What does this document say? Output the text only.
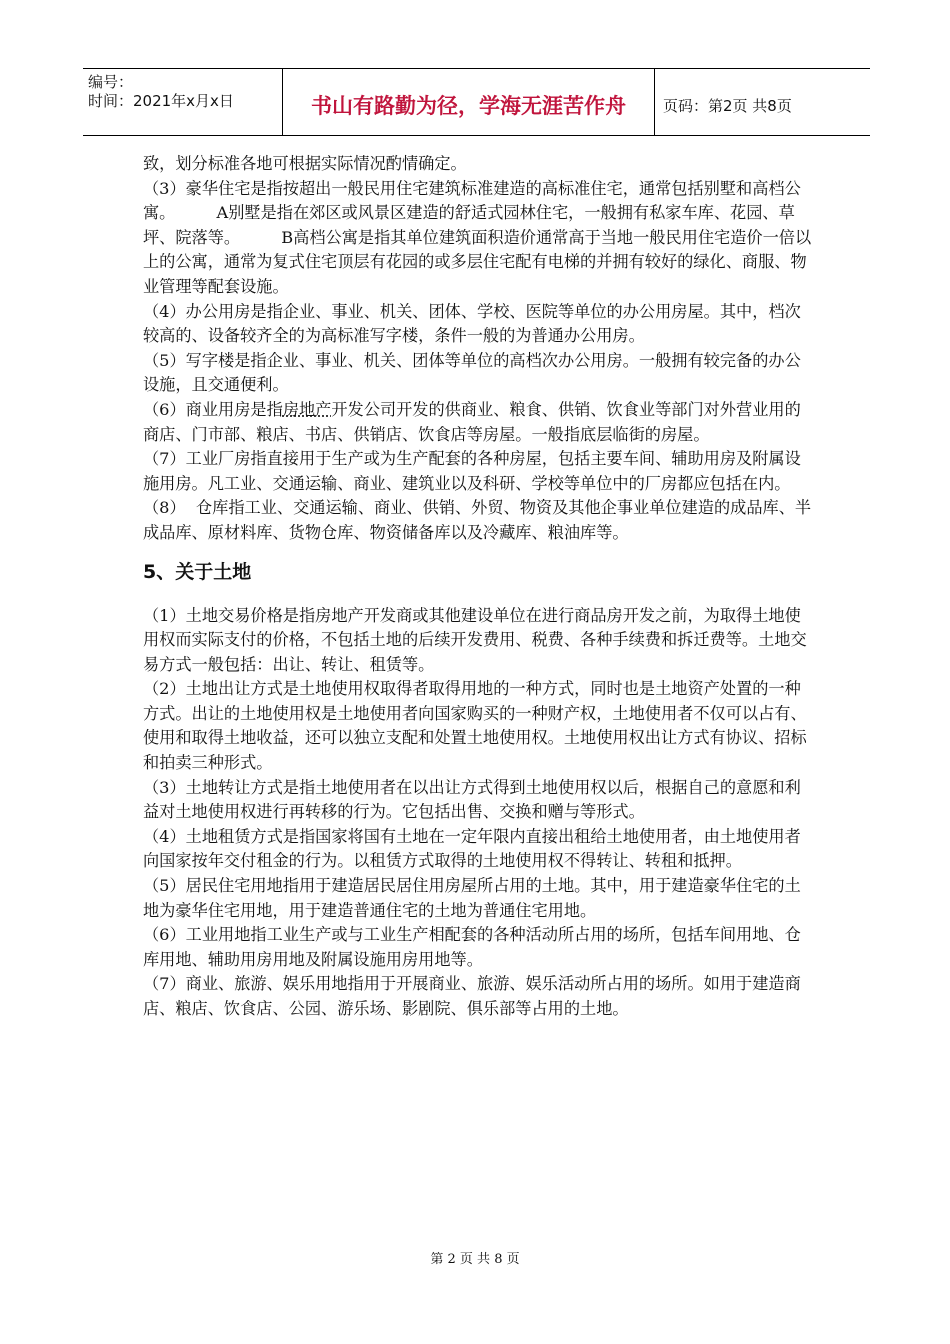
编号：
时间：2021年x月x日	书山有路勤为径，学海无涯苦作舟	页码：第2页 共8页

致，划分标准各地可根据实际情况酌情确定。

（3）豪华住宅是指按超出一般民用住宅建筑标准建造的高标准住宅，通常包括别墅和高档公寓。        A别墅是指在郊区或风景区建造的舒适式园林住宅，一般拥有私家车库、花园、草坪、院落等。        B高档公寓是指其单位建筑面积造价通常高于当地一般民用住宅造价一倍以上的公寓，通常为复式住宅顶层有花园的或多层住宅配有电梯的并拥有较好的绿化、商服、物业管理等配套设施。

（4）办公用房是指企业、事业、机关、团体、学校、医院等单位的办公用房屋。其中，档次较高的、设备较齐全的为高标准写字楼，条件一般的为普通办公用房。

（5）写字楼是指企业、事业、机关、团体等单位的高档次办公用房。一般拥有较完备的办公设施，且交通便利。

（6）商业用房是指房地产开发公司开发的供商业、粮食、供销、饮食业等部门对外营业用的商店、门市部、粮店、书店、供销店、饮食店等房屋。一般指底层临街的房屋。

（7）工业厂房指直接用于生产或为生产配套的各种房屋，包括主要车间、辅助用房及附属设施用房。凡工业、交通运输、商业、建筑业以及科研、学校等单位中的厂房都应包括在内。

（8）  仓库指工业、交通运输、商业、供销、外贸、物资及其他企事业单位建造的成品库、半成品库、原材料库、货物仓库、物资储备库以及冷藏库、粮油库等。

5、关于土地

（1）土地交易价格是指房地产开发商或其他建设单位在进行商品房开发之前，为取得土地使用权而实际支付的价格，不包括土地的后续开发费用、税费、各种手续费和拆迁费等。土地交易方式一般包括：出让、转让、租赁等。

（2）土地出让方式是土地使用权取得者取得用地的一种方式，同时也是土地资产处置的一种方式。出让的土地使用权是土地使用者向国家购买的一种财产权，土地使用者不仅可以占有、使用和取得土地收益，还可以独立支配和处置土地使用权。土地使用权出让方式有协议、招标和拍卖三种形式。

（3）土地转让方式是指土地使用者在以出让方式得到土地使用权以后，根据自己的意愿和利益对土地使用权进行再转移的行为。它包括出售、交换和赠与等形式。

（4）土地租赁方式是指国家将国有土地在一定年限内直接出租给土地使用者，由土地使用者向国家按年交付租金的行为。以租赁方式取得的土地使用权不得转让、转租和抵押。

（5）居民住宅用地指用于建造居民居住用房屋所占用的土地。其中，用于建造豪华住宅的土地为豪华住宅用地，用于建造普通住宅的土地为普通住宅用地。

（6）工业用地指工业生产或与工业生产相配套的各种活动所占用的场所，包括车间用地、仓库用地、辅助用房用地及附属设施用房用地等。

（7）商业、旅游、娱乐用地指用于开展商业、旅游、娱乐活动所占用的场所。如用于建造商店、粮店、饮食店、公园、游乐场、影剧院、俱乐部等占用的土地。

第 2 页 共 8 页
